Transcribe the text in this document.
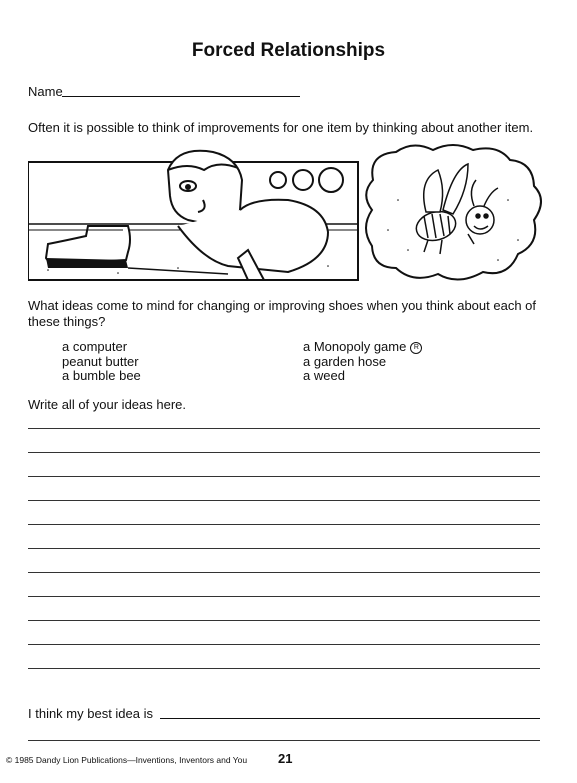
Forced Relationships
Name
Often it is possible to think of improvements for one item by thinking about another item.
What ideas come to mind for changing or improving shoes when you think about each of these things?
a computer
peanut butter
a bumble bee
a Monopoly game R
a garden hose
a weed
Write all of your ideas here.
I think my best idea is
© 1985 Dandy Lion Publications—Inventions, Inventors and You 21
